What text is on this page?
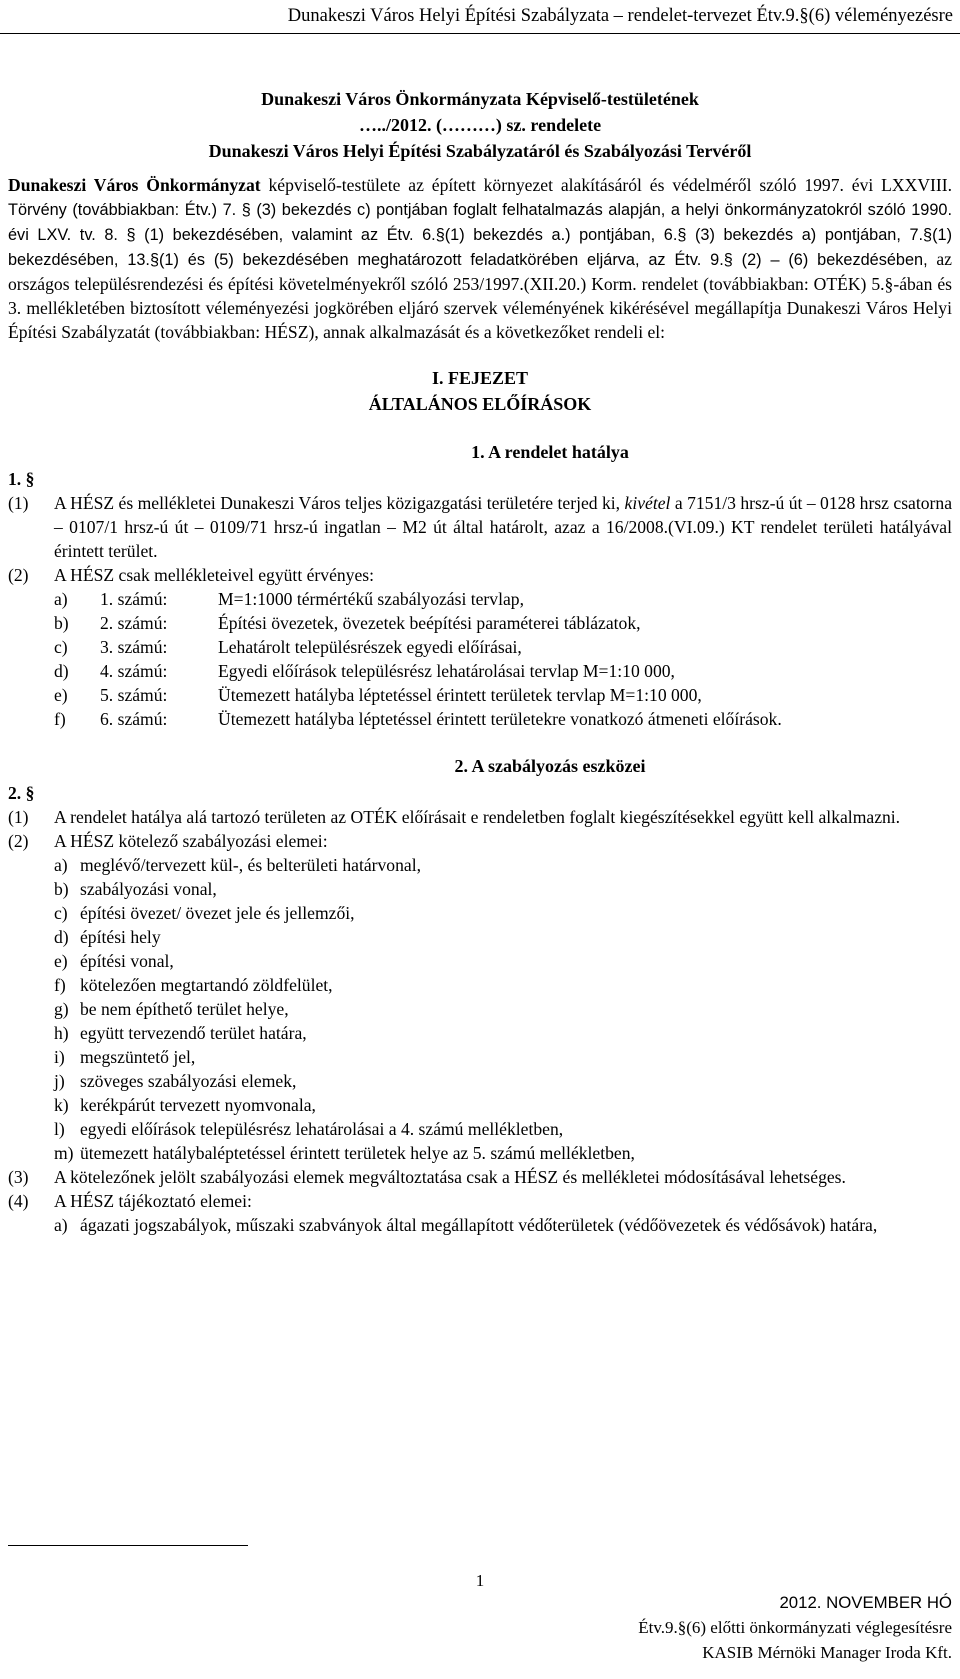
Dunakeszi Város Helyi Építési Szabályzata – rendelet-tervezet Étv.9.§(6) véleményezésre
Dunakeszi Város Önkormányzata Képviselő-testületének
…../2012. (………) sz. rendelete
Dunakeszi Város Helyi Építési Szabályzatáról és Szabályozási Tervéről

Dunakeszi Város Önkormányzat képviselő-testülete az épített környezet alakításáról és védelméről szóló 1997. évi LXXVIII. Törvény (továbbiakban: Étv.) 7. § (3) bekezdés c) pontjában foglalt felhatalmazás alapján, a helyi önkormányzatokról szóló 1990. évi LXV. tv. 8. § (1) bekezdésében, valamint az Étv. 6.§(1) bekezdés a.) pontjában, 6.§ (3) bekezdés a) pontjában, 7.§(1) bekezdésében, 13.§(1) és (5) bekezdésében meghatározott feladatkörében eljárva, az Étv. 9.§ (2) – (6) bekezdésében, az országos településrendezési és építési követelményekről szóló 253/1997.(XII.20.) Korm. rendelet (továbbiakban: OTÉK) 5.§-ában és 3. mellékletében biztosított véleményezési jogkörében eljáró szervek véleményének kikérésével megállapítja Dunakeszi Város Helyi Építési Szabályzatát (továbbiakban: HÉSZ), annak alkalmazását és a következőket rendeli el:

I. FEJEZET
ÁLTALÁNOS ELŐÍRÁSOK
1. A rendelet hatálya
1. §
(1)	A HÉSZ és mellékletei Dunakeszi Város teljes közigazgatási területére terjed ki, kivétel a 7151/3 hrsz-ú út – 0128 hrsz csatorna – 0107/1 hrsz-ú út – 0109/71 hrsz-ú ingatlan – M2 út által határolt, azaz a 16/2008.(VI.09.) KT rendelet területi hatályával érintett terület.
(2)	A HÉSZ csak mellékleteivel együtt érvényes:
a)	1. számú:	M=1:1000 térmértékű szabályozási tervlap,
b)	2. számú:	Építési övezetek, övezetek beépítési paraméterei táblázatok,
c)	3. számú:	Lehatárolt településrészek egyedi előírásai,
d)	4. számú:	Egyedi előírások településrész lehatárolásai tervlap M=1:10 000,
e)	5. számú:	Ütemezett hatályba léptetéssel érintett területek tervlap M=1:10 000,
f)	6. számú:	Ütemezett hatályba léptetéssel érintett területekre vonatkozó átmeneti előírások.
2. A szabályozás eszközei
2. §
(1)	A rendelet hatálya alá tartozó területen az OTÉK előírásait e rendeletben foglalt kiegészítésekkel együtt kell alkalmazni.
(2)	A HÉSZ kötelező szabályozási elemei:
a) meglévő/tervezett kül-, és belterületi határvonal,
b) szabályozási vonal,
c) építési övezet/ övezet jele és jellemzői,
d) építési hely
e) építési vonal,
f) kötelezően megtartandó zöldfelület,
g) be nem építhető terület helye,
h) együtt tervezendő terület határa,
i) megszüntető jel,
j) szöveges szabályozási elemek,
k) kerékpárút tervezett nyomvonala,
l) egyedi előírások településrész lehatárolásai a 4. számú mellékletben,
m) ütemezett hatálybaléptetéssel érintett területek helye az 5. számú mellékletben,
(3)	A kötelezőnek jelölt szabályozási elemek megváltoztatása csak a HÉSZ és mellékletei módosításával lehetséges.
(4)	A HÉSZ tájékoztató elemei:
a) ágazati jogszabályok, műszaki szabványok által megállapított védőterületek (védőövezetek és védősávok) határa,
1
2012. NOVEMBER HÓ
Étv.9.§(6) előtti önkormányzati véglegesítésre
KASIB Mérnöki Manager Iroda Kft.
